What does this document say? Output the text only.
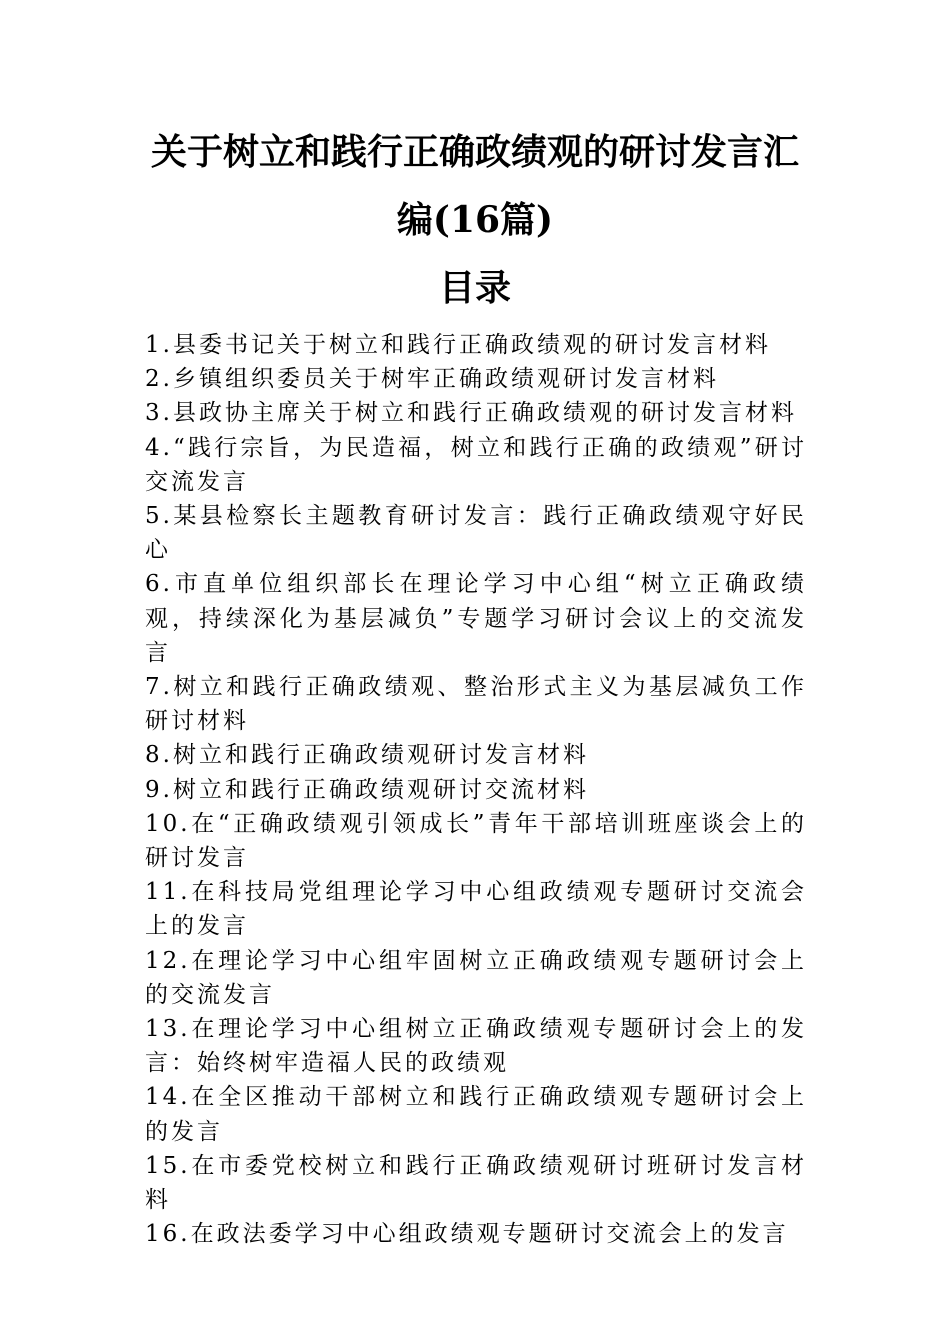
关于树立和践行正确政绩观的研讨发言汇
编(16篇)
目录
1.县委书记关于树立和践行正确政绩观的研讨发言材料
2.乡镇组织委员关于树牢正确政绩观研讨发言材料
3.县政协主席关于树立和践行正确政绩观的研讨发言材料
4.“践行宗旨，为民造福，树立和践行正确的政绩观”研讨交流发言
5.某县检察长主题教育研讨发言：践行正确政绩观守好民心
6.市直单位组织部长在理论学习中心组“树立正确政绩观，持续深化为基层减负”专题学习研讨会议上的交流发言
7.树立和践行正确政绩观、整治形式主义为基层减负工作研讨材料
8.树立和践行正确政绩观研讨发言材料
9.树立和践行正确政绩观研讨交流材料
10.在“正确政绩观引领成长”青年干部培训班座谈会上的研讨发言
11.在科技局党组理论学习中心组政绩观专题研讨交流会上的发言
12.在理论学习中心组牢固树立正确政绩观专题研讨会上的交流发言
13.在理论学习中心组树立正确政绩观专题研讨会上的发言：始终树牢造福人民的政绩观
14.在全区推动干部树立和践行正确政绩观专题研讨会上的发言
15.在市委党校树立和践行正确政绩观研讨班研讨发言材料
16.在政法委学习中心组政绩观专题研讨交流会上的发言
